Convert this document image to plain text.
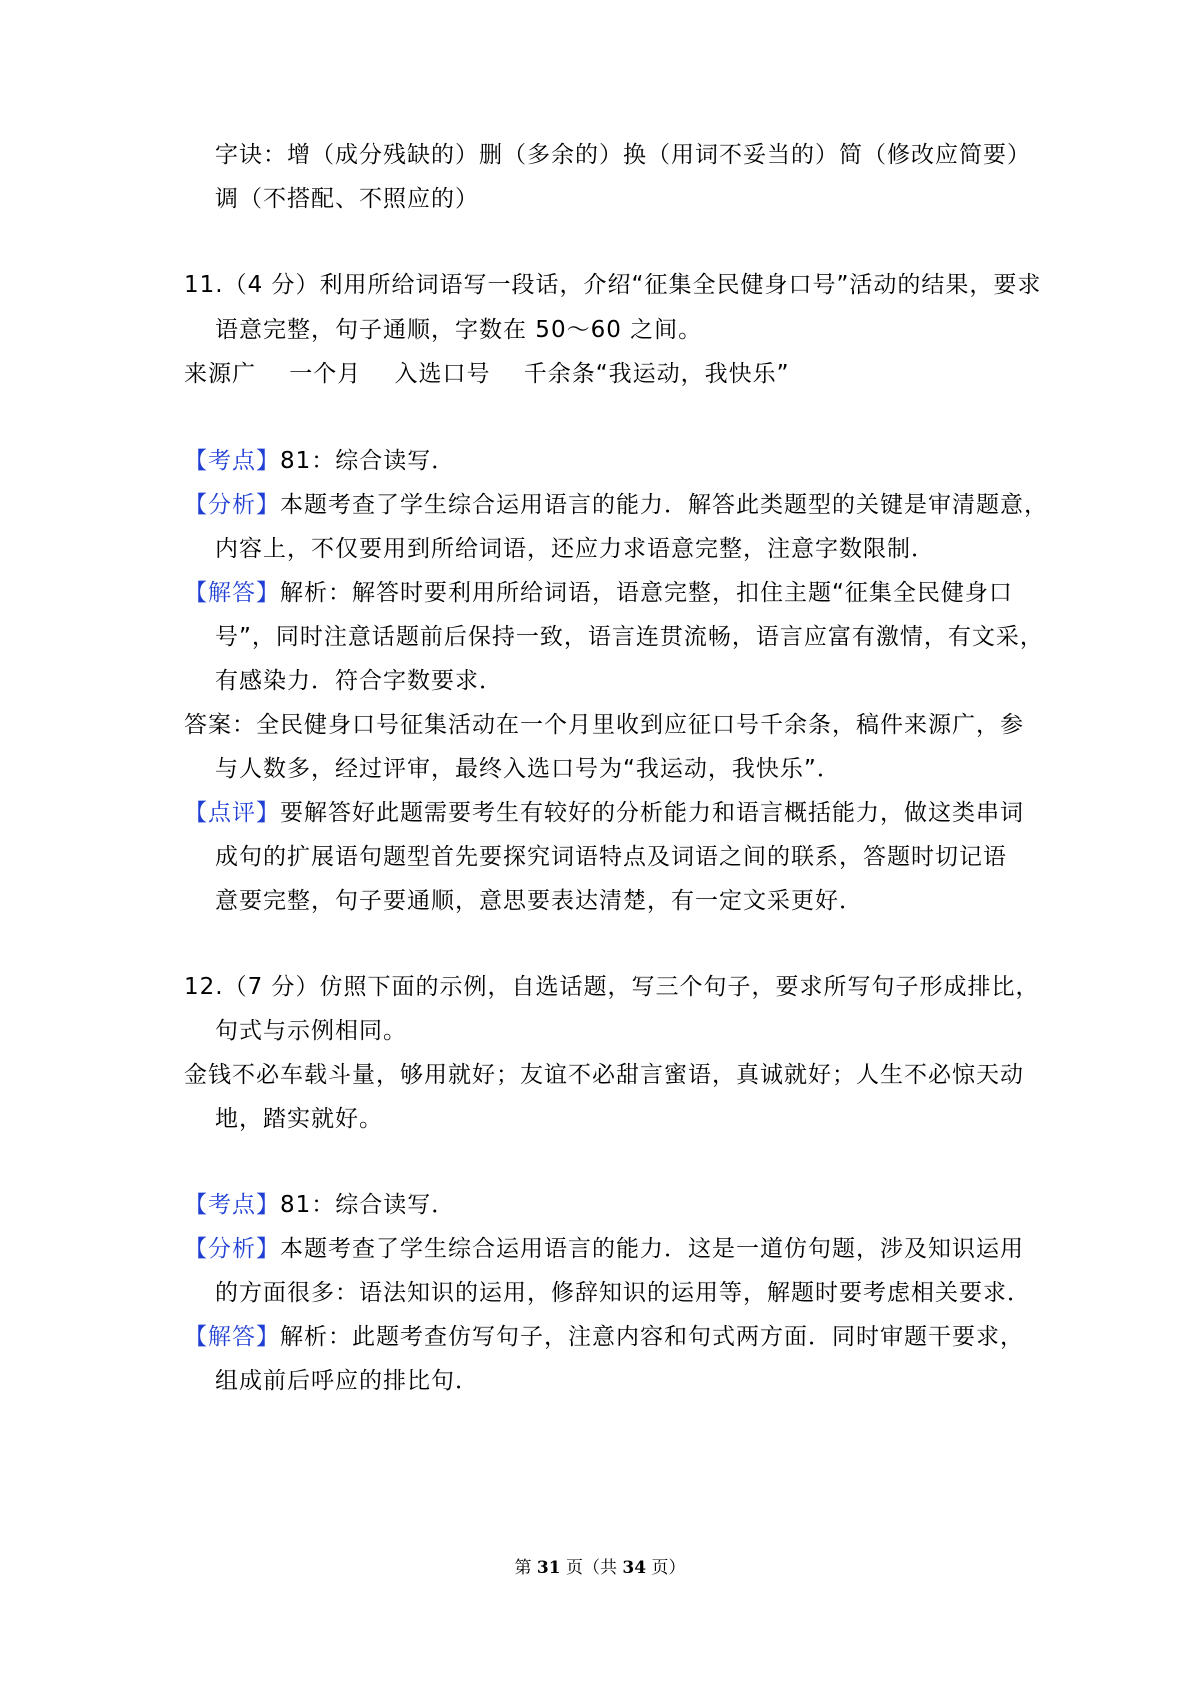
字诀：增（成分残缺的）删（多余的）换（用词不妥当的）简（修改应简要）
调（不搭配、不照应的）
11.（4 分）利用所给词语写一段话，介绍“征集全民健身口号”活动的结果，要求
语意完整，句子通顺，字数在 50～60 之间。
来源广    一个月    入选口号    千余条“我运动，我快乐”
【考点】81：综合读写．
【分析】本题考查了学生综合运用语言的能力．解答此类题型的关键是审清题意，
内容上，不仅要用到所给词语，还应力求语意完整，注意字数限制．
【解答】解析：解答时要利用所给词语，语意完整，扣住主题“征集全民健身口
号”，同时注意话题前后保持一致，语言连贯流畅，语言应富有激情，有文采，
有感染力．符合字数要求．
答案：全民健身口号征集活动在一个月里收到应征口号千余条，稿件来源广，参
与人数多，经过评审，最终入选口号为“我运动，我快乐”．
【点评】要解答好此题需要考生有较好的分析能力和语言概括能力，做这类串词
成句的扩展语句题型首先要探究词语特点及词语之间的联系，答题时切记语
意要完整，句子要通顺，意思要表达清楚，有一定文采更好．
12.（7 分）仿照下面的示例，自选话题，写三个句子，要求所写句子形成排比，
句式与示例相同。
金钱不必车载斗量，够用就好；友谊不必甜言蜜语，真诚就好；人生不必惊天动
地，踏实就好。
【考点】81：综合读写．
【分析】本题考查了学生综合运用语言的能力．这是一道仿句题，涉及知识运用
的方面很多：语法知识的运用，修辞知识的运用等，解题时要考虑相关要求．
【解答】解析：此题考查仿写句子，注意内容和句式两方面．同时审题干要求，
组成前后呼应的排比句．
第 31 页（共 34 页）
